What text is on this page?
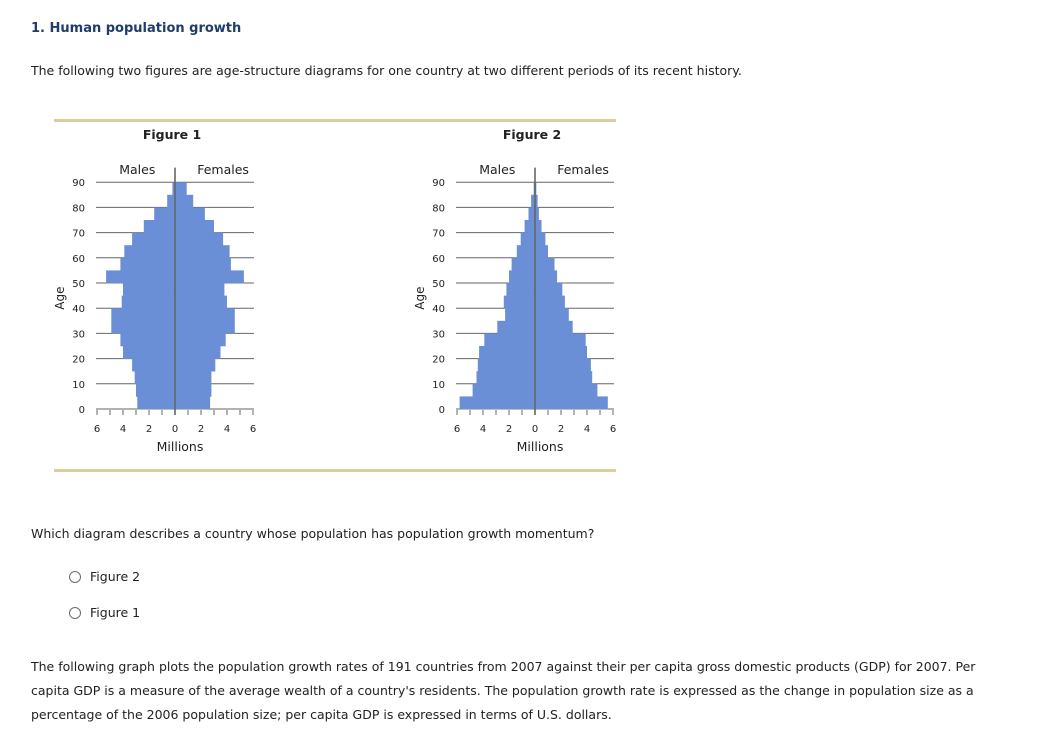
1. Human population growth
The following two figures are age-structure diagrams for one country at two different periods of its recent history.
Figure 1
Males	Females
0
10
20
30
40
50
60
70
80
90
6 4 2 0 2 4 6
Millions
Age
Figure 2
Males	Females
0
10
20
30
40
50
60
70
80
90
6 4 2 0 2 4 6
Millions
Age
Which diagram describes a country whose population has population growth momentum?
Figure 2
Figure 1
The following graph plots the population growth rates of 191 countries from 2007 against their per capita gross domestic products (GDP) for 2007. Per capita GDP is a measure of the average wealth of a country's residents. The population growth rate is expressed as the change in population size as a percentage of the 2006 population size; per capita GDP is expressed in terms of U.S. dollars.
